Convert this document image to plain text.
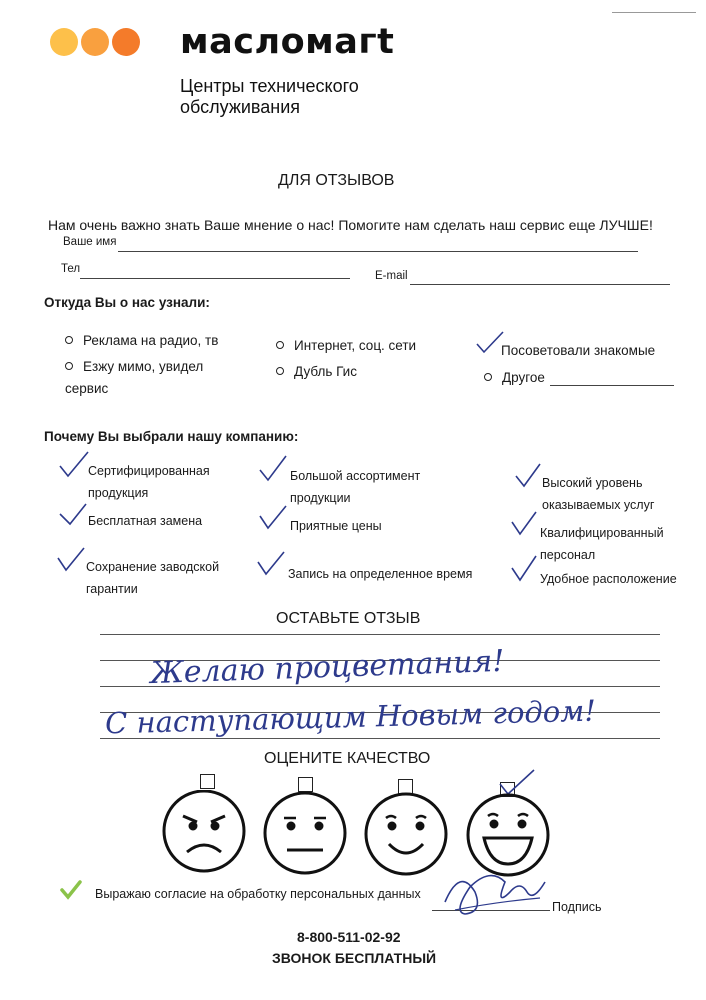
масломагt
Центры технического обслуживания
ДЛЯ ОТЗЫВОВ
Нам очень важно знать Ваше мнение о нас! Помогите нам сделать наш сервис еще ЛУЧШЕ!
Ваше имя
Тел
E-mail
Откуда Вы о нас узнали:
Реклама на радио, тв
Езжу мимо, увидел сервис
Интернет, соц. сети
Дубль Гис
Посоветовали знакомые
Другое
Почему Вы выбрали нашу компанию:
Сертифицированная продукция
Бесплатная замена
Сохранение заводской гарантии
Большой ассортимент продукции
Приятные цены
Запись на определенное время
Высокий уровень оказываемых услуг
Квалифицированный персонал
Удобное расположение
ОСТАВЬТЕ ОТЗЫВ
Желаю процветания!
С наступающим Новым годом!
ОЦЕНИТЕ КАЧЕСТВО
Выражаю согласие на обработку персональных данных
Подпись
8-800-511-02-92
ЗВОНОК БЕСПЛАТНЫЙ
